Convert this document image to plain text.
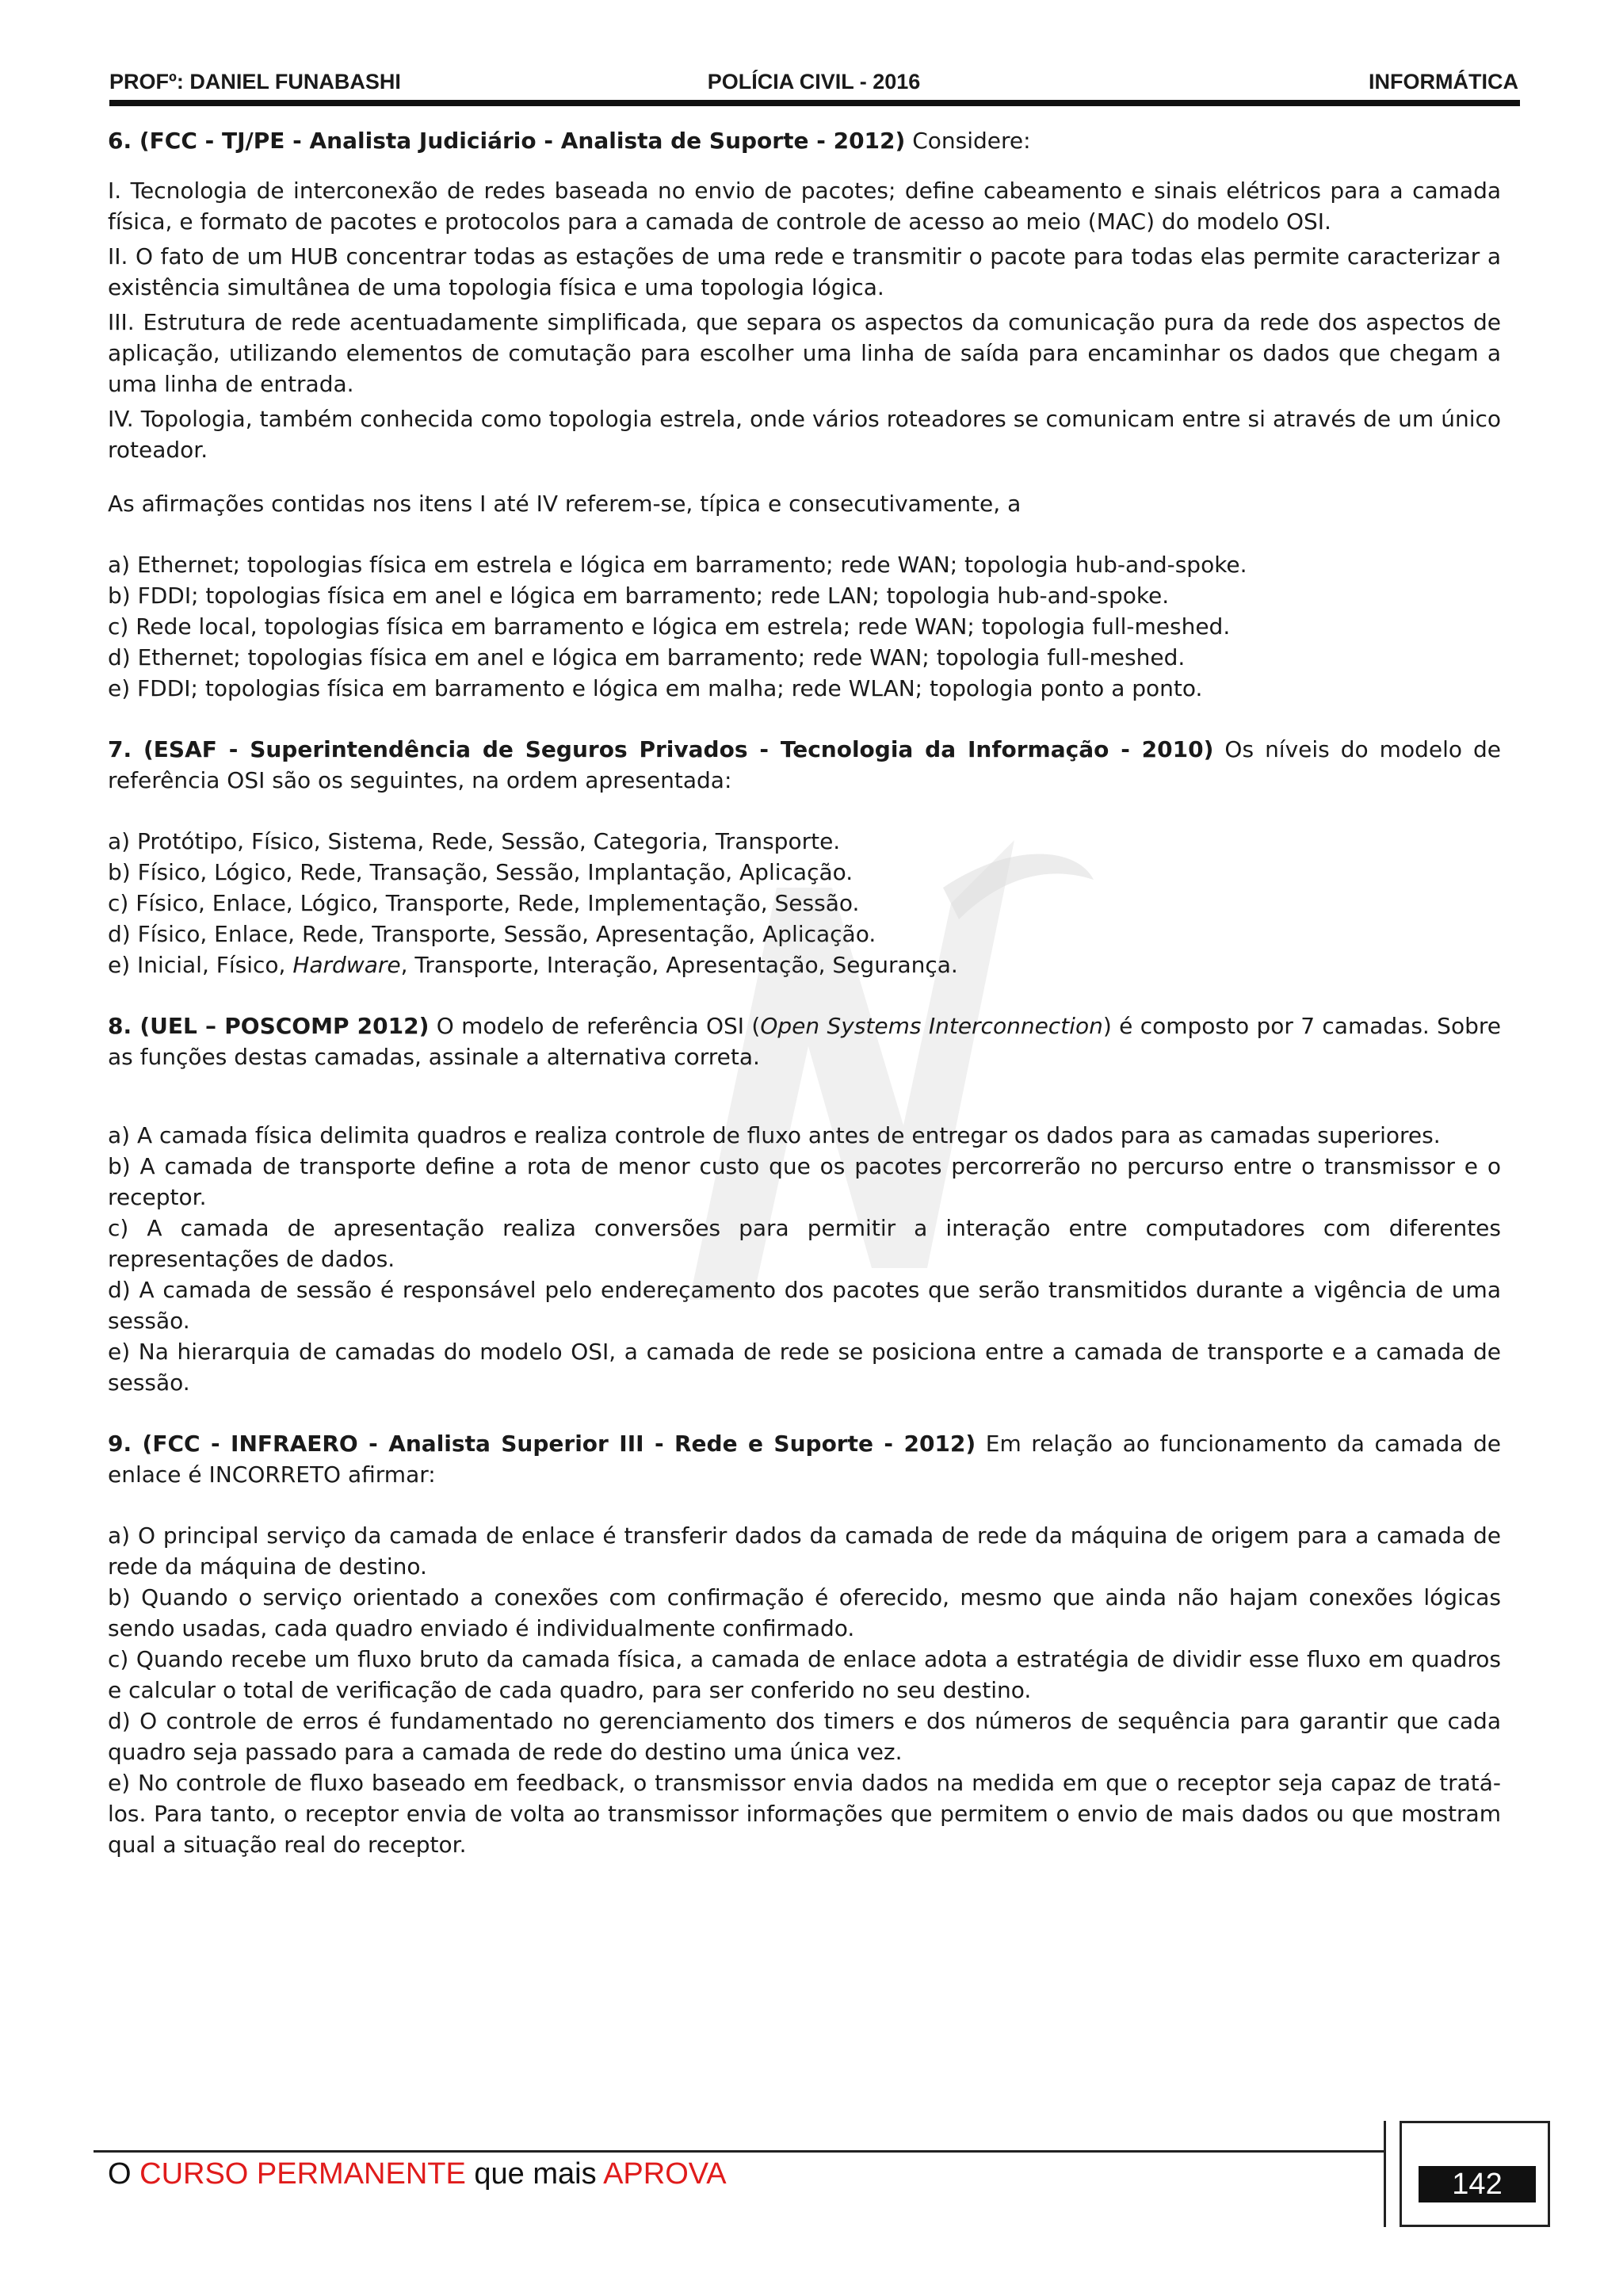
POLÍCIA CIVIL - 2016
PROFº: DANIEL FUNABASHI	INFORMÁTICA

6. (FCC - TJ/PE - Analista Judiciário - Analista de Suporte - 2012) Considere:

I. Tecnologia de interconexão de redes baseada no envio de pacotes; define cabeamento e sinais elétricos para a camada física, e formato de pacotes e protocolos para a camada de controle de acesso ao meio (MAC) do modelo OSI.

II. O fato de um HUB concentrar todas as estações de uma rede e transmitir o pacote para todas elas permite caracterizar a existência simultânea de uma topologia física e uma topologia lógica.

III. Estrutura de rede acentuadamente simplificada, que separa os aspectos da comunicação pura da rede dos aspectos de aplicação, utilizando elementos de comutação para escolher uma linha de saída para encaminhar os dados que chegam a uma linha de entrada.

IV. Topologia, também conhecida como topologia estrela, onde vários roteadores se comunicam entre si através de um único roteador.

As afirmações contidas nos itens I até IV referem-se, típica e consecutivamente, a

a) Ethernet; topologias física em estrela e lógica em barramento; rede WAN; topologia hub-and-spoke.

b) FDDI; topologias física em anel e lógica em barramento; rede LAN; topologia hub-and-spoke.

c) Rede local, topologias física em barramento e lógica em estrela; rede WAN; topologia full-meshed.

d) Ethernet; topologias física em anel e lógica em barramento; rede WAN; topologia full-meshed.

e) FDDI; topologias física em barramento e lógica em malha; rede WLAN; topologia ponto a ponto.

7. (ESAF - Superintendência de Seguros Privados - Tecnologia da Informação - 2010) Os níveis do modelo de referência OSI são os seguintes, na ordem apresentada:

a) Protótipo, Físico, Sistema, Rede, Sessão, Categoria, Transporte.

b) Físico, Lógico, Rede, Transação, Sessão, Implantação, Aplicação.

c) Físico, Enlace, Lógico, Transporte, Rede, Implementação, Sessão.

d) Físico, Enlace, Rede, Transporte, Sessão, Apresentação, Aplicação.

e) Inicial, Físico, Hardware, Transporte, Interação, Apresentação, Segurança.

8. (UEL – POSCOMP 2012) O modelo de referência OSI (Open Systems Interconnection) é composto por 7 camadas. Sobre as funções destas camadas, assinale a alternativa correta.

a) A camada física delimita quadros e realiza controle de fluxo antes de entregar os dados para as camadas superiores.

b) A camada de transporte define a rota de menor custo que os pacotes percorrerão no percurso entre o transmissor e o receptor.

c) A camada de apresentação realiza conversões para permitir a interação entre computadores com diferentes representações de dados.

d) A camada de sessão é responsável pelo endereçamento dos pacotes que serão transmitidos durante a vigência de uma sessão.

e) Na hierarquia de camadas do modelo OSI, a camada de rede se posiciona entre a camada de transporte e a camada de sessão.

9. (FCC - INFRAERO - Analista Superior III - Rede e Suporte - 2012) Em relação ao funcionamento da camada de enlace é INCORRETO afirmar:

a) O principal serviço da camada de enlace é transferir dados da camada de rede da máquina de origem para a camada de rede da máquina de destino.

b) Quando o serviço orientado a conexões com confirmação é oferecido, mesmo que ainda não hajam conexões lógicas sendo usadas, cada quadro enviado é individualmente confirmado.

c) Quando recebe um fluxo bruto da camada física, a camada de enlace adota a estratégia de dividir esse fluxo em quadros e calcular o total de verificação de cada quadro, para ser conferido no seu destino.

d) O controle de erros é fundamentado no gerenciamento dos timers e dos números de sequência para garantir que cada quadro seja passado para a camada de rede do destino uma única vez.

e) No controle de fluxo baseado em feedback, o transmissor envia dados na medida em que o receptor seja capaz de tratá-los. Para tanto, o receptor envia de volta ao transmissor informações que permitem o envio de mais dados ou que mostram qual a situação real do receptor.

O CURSO PERMANENTE que mais APROVA	142
